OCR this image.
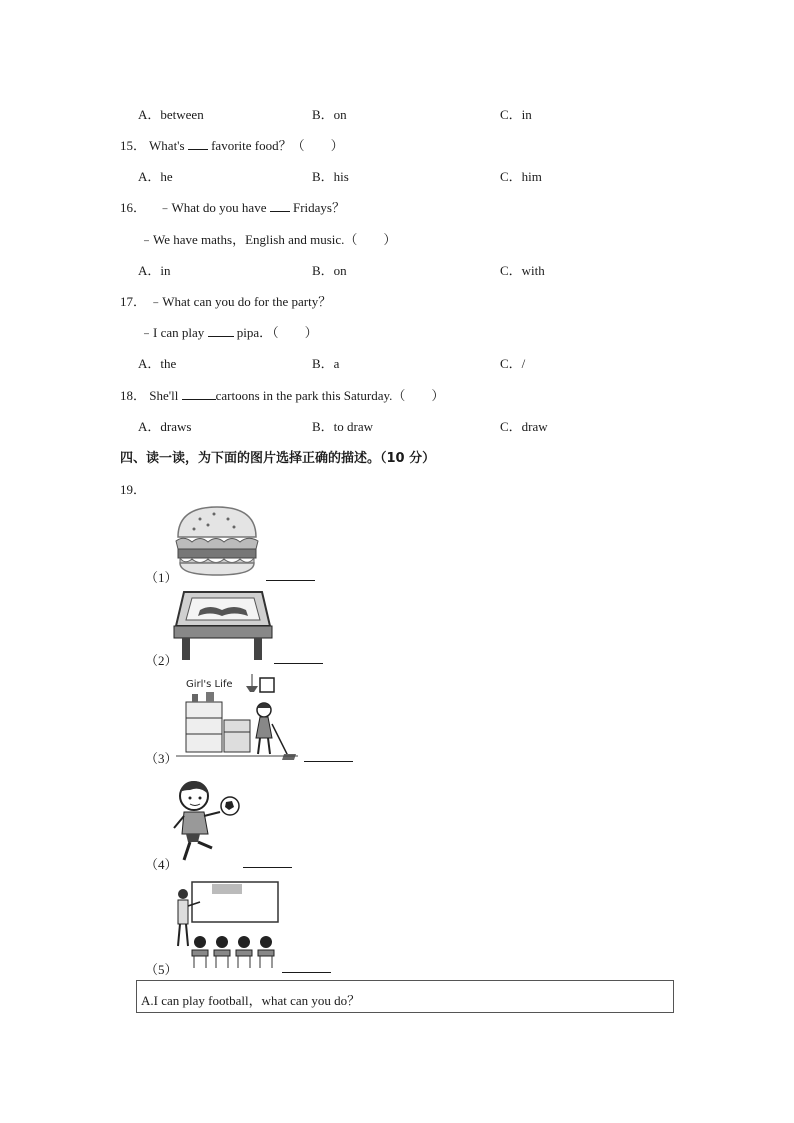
A．between	B．on	C．in
15． What's favorite food？（　　）
A．he	B．his	C．him
16． ﹣What do you have Fridays？
﹣We have maths，English and music.（　　）
A．in	B．on	C．with
17． ﹣What can you do for the party？
﹣I can play	pipa．（　　）
A．the	B．a	C．/
18． She'll	cartoons in the park this Saturday.（　　）
A．draws	B．to draw	C．draw
四、读一读，为下面的图片选择正确的描述。（10 分）
19．
（1）
（2）
Girl's Life
（3）
（4）
（5）
A.I can play football，what can you do？
